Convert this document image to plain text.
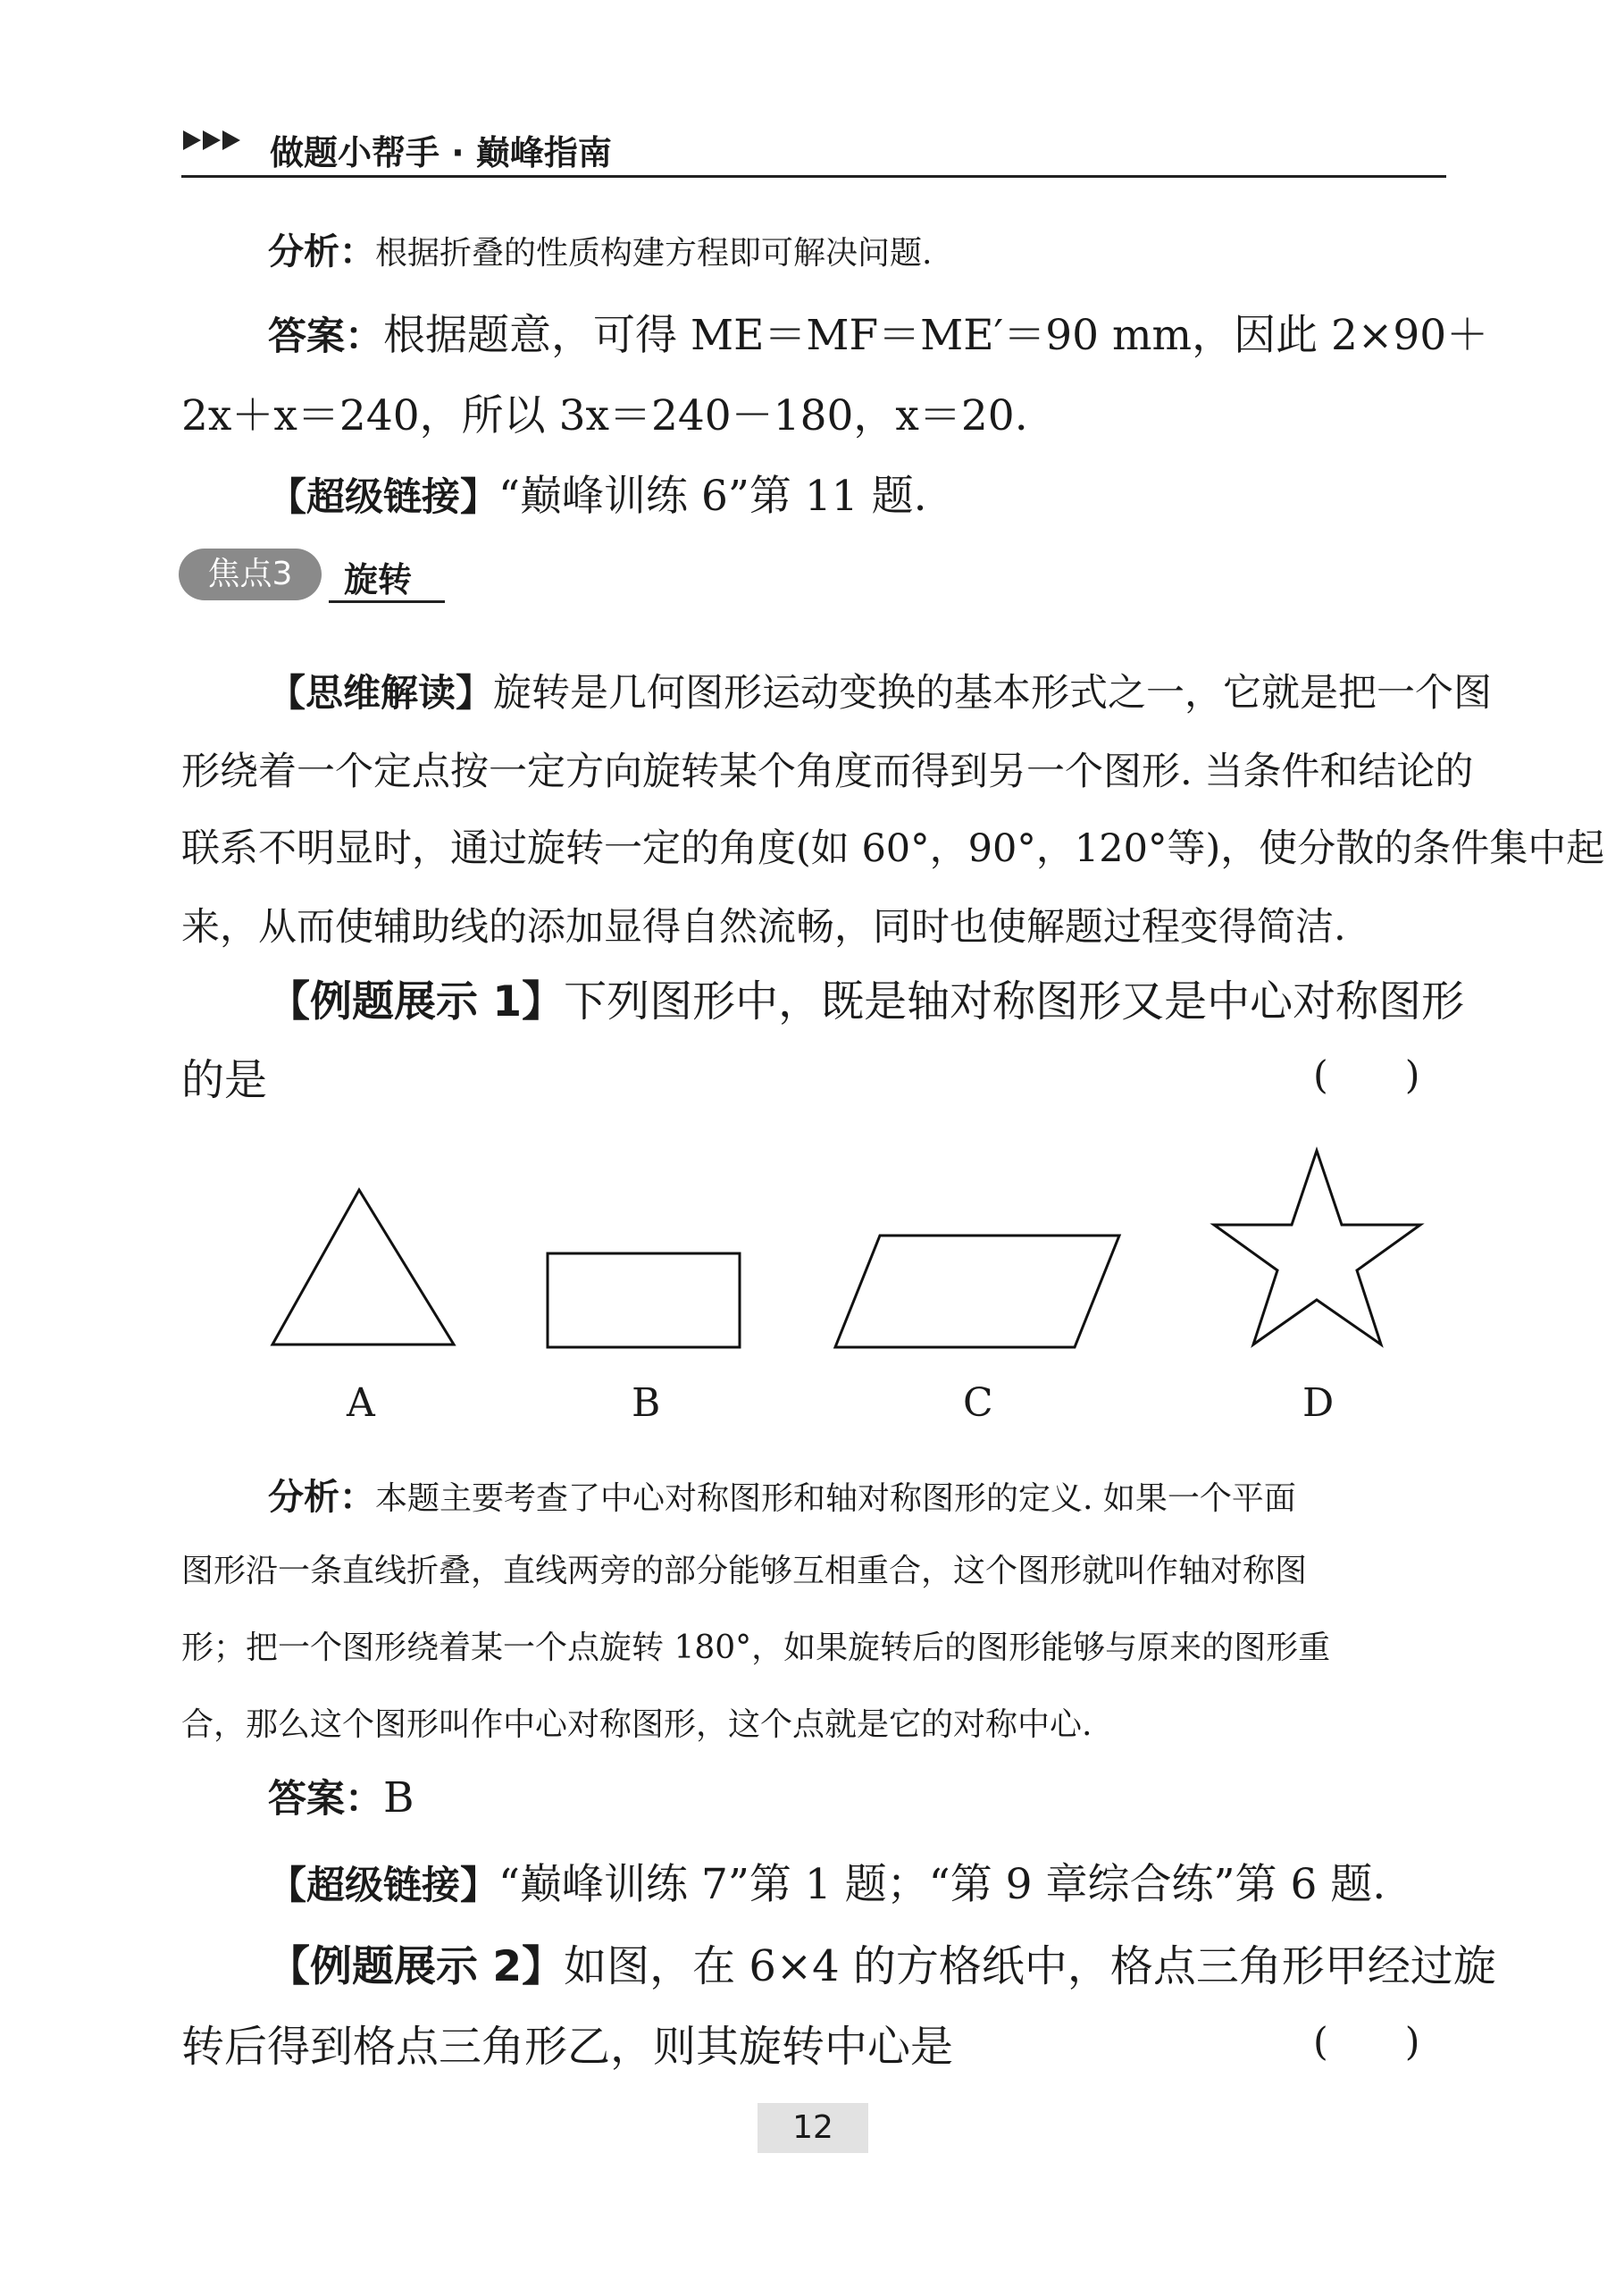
做题小帮手 · 巅峰指南
分析：根据折叠的性质构建方程即可解决问题.
答案：根据题意，可得 ME＝MF＝ME′＝90 mm，因此 2×90＋
2x＋x＝240，所以 3x＝240－180，x＝20.
【超级链接】“巅峰训练 6”第 11 题.
焦点3	旋转
【思维解读】旋转是几何图形运动变换的基本形式之一，它就是把一个图
形绕着一个定点按一定方向旋转某个角度而得到另一个图形. 当条件和结论的
联系不明显时，通过旋转一定的角度(如 60°，90°，120°等)，使分散的条件集中起
来，从而使辅助线的添加显得自然流畅，同时也使解题过程变得简洁.
【例题展示 1】下列图形中，既是轴对称图形又是中心对称图形
的是	(　　)
A	B	C	D
分析：本题主要考查了中心对称图形和轴对称图形的定义. 如果一个平面
图形沿一条直线折叠，直线两旁的部分能够互相重合，这个图形就叫作轴对称图
形；把一个图形绕着某一个点旋转 180°，如果旋转后的图形能够与原来的图形重
合，那么这个图形叫作中心对称图形，这个点就是它的对称中心.
答案：B
【超级链接】“巅峰训练 7”第 1 题；“第 9 章综合练”第 6 题.
【例题展示 2】如图，在 6×4 的方格纸中，格点三角形甲经过旋
转后得到格点三角形乙，则其旋转中心是	(　　)
12
